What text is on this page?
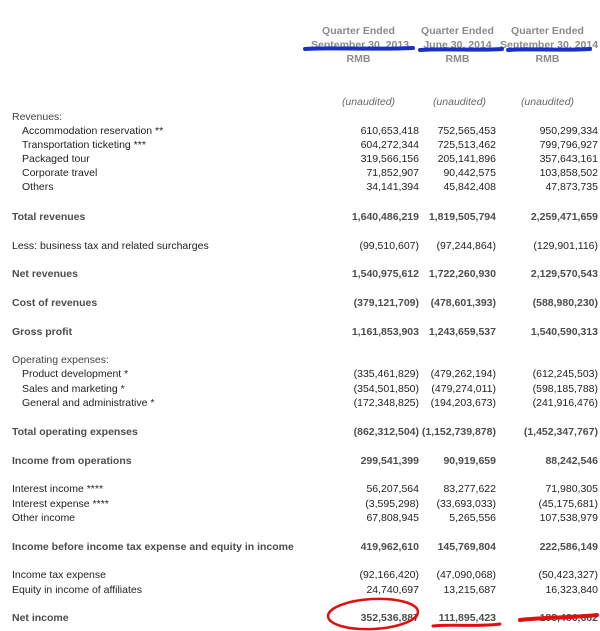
Quarter Ended
September 30, 2013
RMB
Quarter Ended
June 30, 2014
RMB
Quarter Ended
September 30, 2014
RMB
(unaudited)	(unaudited)	(unaudited)
Revenues:
Accommodation reservation **	610,653,418 752,565,453	950,299,334
Transportation ticketing ***	604,272,344 725,513,462	799,796,927
Packaged tour	319,566,156 205,141,896	357,643,161
Corporate travel	71,852,907 90,442,575	103,858,502
Others	34,141,394 45,842,408	47,873,735
Total revenues	1,640,486,219 1,819,505,794	2,259,471,659
Less: business tax and related surcharges	(99,510,607) (97,244,864)	(129,901,116)
Net revenues	1,540,975,612 1,722,260,930	2,129,570,543
Cost of revenues	(379,121,709) (478,601,393)	(588,980,230)
Gross profit	1,161,853,903 1,243,659,537	1,540,590,313
Operating expenses:
Product development *	(335,461,829) (479,262,194)	(612,245,503)
Sales and marketing *	(354,501,850) (479,274,011)	(598,185,788)
General and administrative *	(172,348,825) (194,203,673)	(241,916,476)
Total operating expenses	(862,312,504) (1,152,739,878)	(1,452,347,767)
Income from operations	299,541,399 90,919,659	88,242,546
Interest income ****	56,207,564 83,277,622	71,980,305
Interest expense ****	(3,595,298) (33,693,033)	(45,175,681)
Other income	67,808,945	5,265,556	107,538,979
Income before income tax expense and equity in income	419,962,610 145,769,804	222,586,149
Income tax expense	(92,166,420) (47,090,068)	(50,423,327)
Equity in income of affiliates	24,740,697 13,215,687	16,323,840
Net income	352,536,887 111,895,423	188,486,662
